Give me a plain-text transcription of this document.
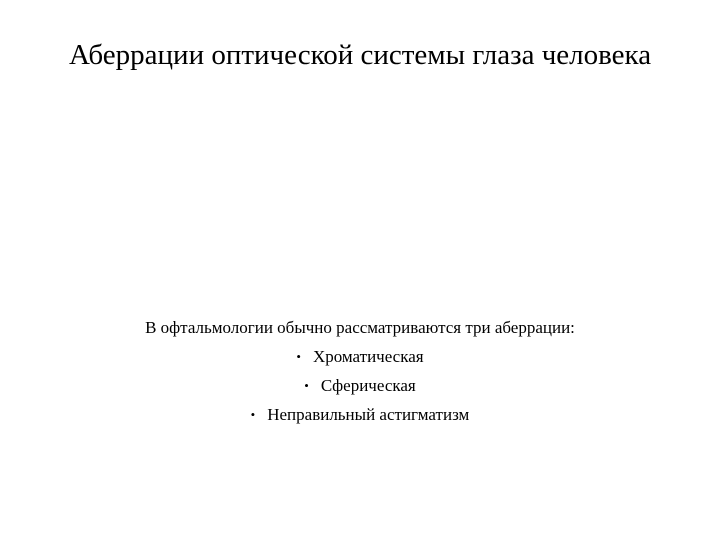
Аберрации оптической системы глаза человека

В офтальмологии обычно рассматриваются три аберрации:

• Хроматическая
• Сферическая
• Неправильный астигматизм
